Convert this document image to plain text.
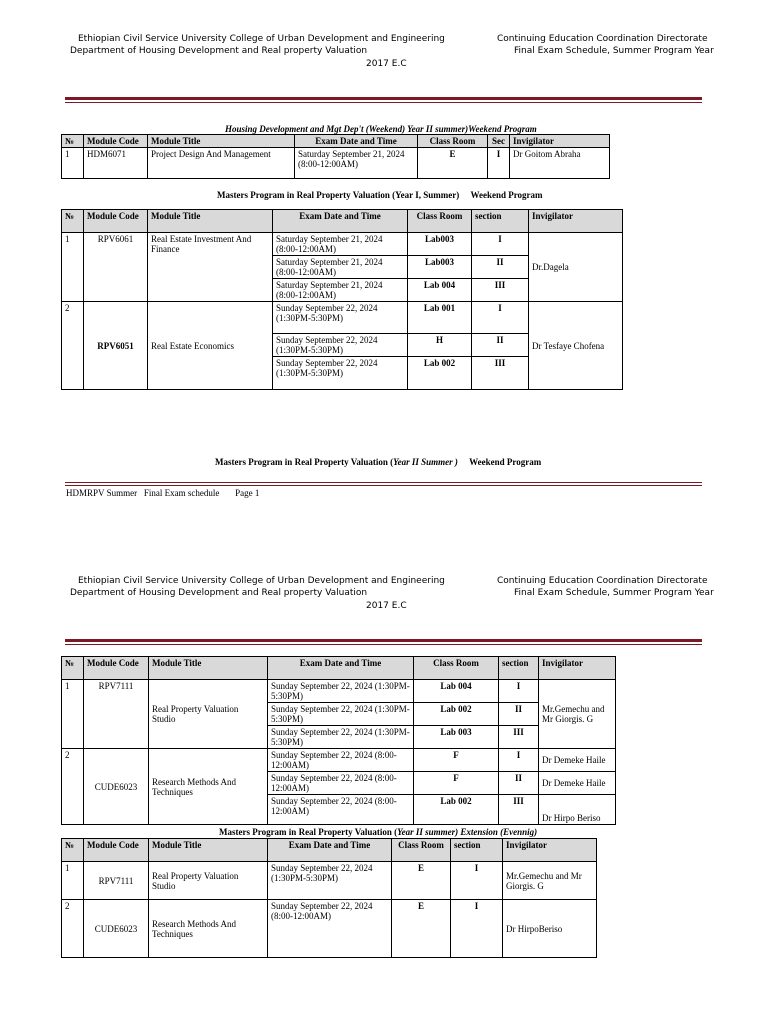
Ethiopian Civil Service University College of Urban Development and Engineering
Department of Housing Development and Real property Valuation
Continuing Education Coordination Directorate
Final Exam Schedule, Summer Program Year
2017 E.C
Housing Development and Mgt Dep't (Weekend) Year II summer)Weekend Program
№	Module Code	Module Title	Exam Date and Time	Class Room	Sec	Invigilator
1	HDM6071	Project Design And Management	Saturday September 21, 2024 (8:00-12:00AM)	E	I	Dr Goitom Abraha
Masters Program in Real Property Valuation (Year I, Summer) Weekend Program
№	Module Code	Module Title	Exam Date and Time	Class Room	section	Invigilator
1	RPV6061	Real Estate Investment And Finance	Saturday September 21, 2024 (8:00-12:00AM)	Lab003	I	Dr.Dagela
			Saturday September 21, 2024 (8:00-12:00AM)	Lab003	II	
			Saturday September 21, 2024 (8:00-12:00AM)	Lab 004	III	
2	RPV6051	Real Estate Economics	Sunday September 22, 2024 (1:30PM-5:30PM)	Lab 001	I	Dr Tesfaye Chofena
			Sunday September 22, 2024 (1:30PM-5:30PM)	H	II	
			Sunday September 22, 2024 (1:30PM-5:30PM)	Lab 002	III	
Masters Program in Real Property Valuation (Year II Summer ) Weekend Program
HDMRPV Summer Final Exam schedule Page 1
Ethiopian Civil Service University College of Urban Development and Engineering
Department of Housing Development and Real property Valuation
Continuing Education Coordination Directorate
Final Exam Schedule, Summer Program Year
2017 E.C
№	Module Code	Module Title	Exam Date and Time	Class Room	section	Invigilator
1	RPV7111	Real Property Valuation Studio	Sunday September 22, 2024 (1:30PM-5:30PM)	Lab 004	I	Mr.Gemechu and Mr Giorgis. G
			Sunday September 22, 2024 (1:30PM-5:30PM)	Lab 002	II	
			Sunday September 22, 2024 (1:30PM-5:30PM)	Lab 003	III	
2	CUDE6023	Research Methods And Techniques	Sunday September 22, 2024 (8:00-12:00AM)	F	I	Dr Demeke Haile
			Sunday September 22, 2024 (8:00-12:00AM)	F	II	Dr Demeke Haile
			Sunday September 22, 2024 (8:00-12:00AM)	Lab 002	III	Dr Hirpo Beriso
Masters Program in Real Property Valuation (Year II summer) Extension (Evennig)
№	Module Code	Module Title	Exam Date and Time	Class Room	section	Invigilator
1	RPV7111	Real Property Valuation Studio	Sunday September 22, 2024 (1:30PM-5:30PM)	E	I	Mr.Gemechu and Mr Giorgis. G
2	CUDE6023	Research Methods And Techniques	Sunday September 22, 2024 (8:00-12:00AM)	E	I	Dr HirpoBeriso
